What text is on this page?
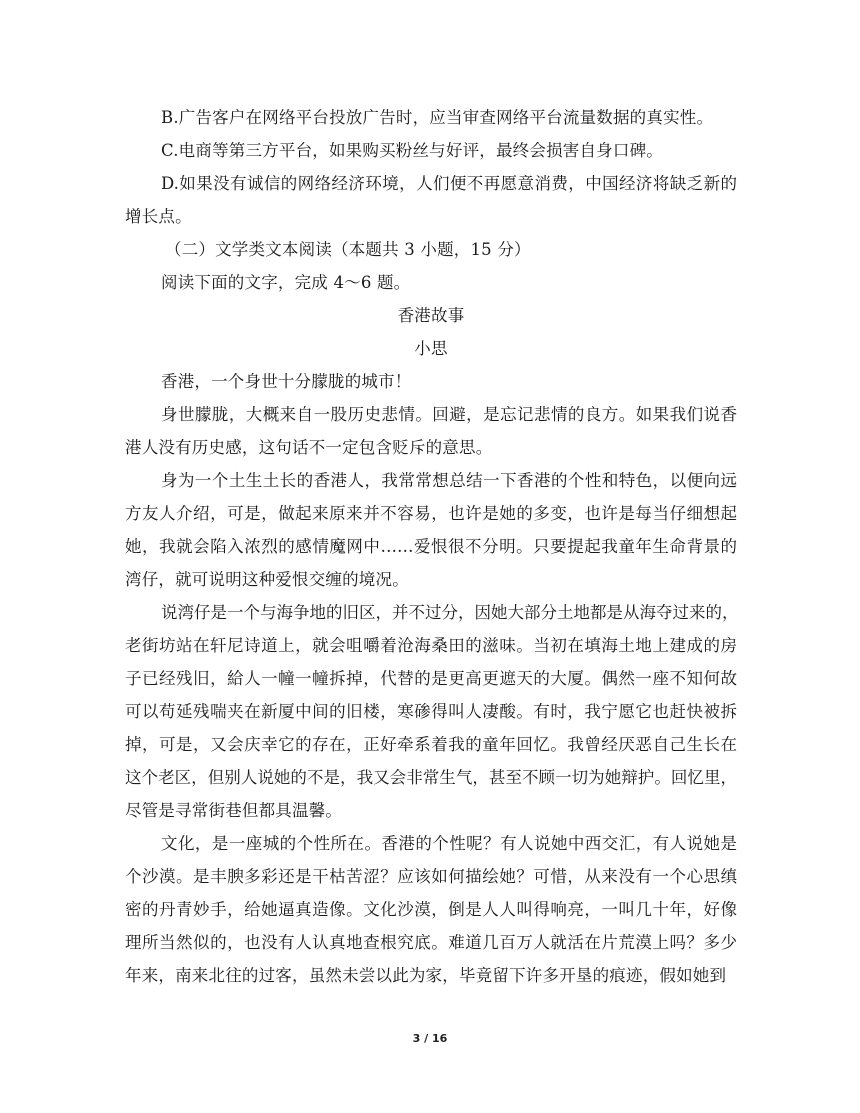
B.广告客户在网络平台投放广告时，应当审查网络平台流量数据的真实性。
C.电商等第三方平台，如果购买粉丝与好评，最终会损害自身口碑。
D.如果没有诚信的网络经济环境，人们便不再愿意消费，中国经济将缺乏新的
增长点。
（二）文学类文本阅读（本题共 3 小题，15 分）
阅读下面的文字，完成 4～6 题。
香港故事
小思
香港，一个身世十分朦胧的城市！
身世朦胧，大概来自一股历史悲情。回避，是忘记悲情的良方。如果我们说香
港人没有历史感，这句话不一定包含贬斥的意思。
身为一个土生土长的香港人，我常常想总结一下香港的个性和特色，以便向远
方友人介绍，可是，做起来原来并不容易，也许是她的多变，也许是每当仔细想起
她，我就会陷入浓烈的感情魔网中……爱恨很不分明。只要提起我童年生命背景的
湾仔，就可说明这种爱恨交缠的境况。
说湾仔是一个与海争地的旧区，并不过分，因她大部分土地都是从海夺过来的，
老街坊站在轩尼诗道上，就会咀嚼着沧海桑田的滋味。当初在填海土地上建成的房
子已经残旧，給人一幢一幢拆掉，代替的是更高更遮天的大厦。偶然一座不知何故
可以苟延残喘夹在新厦中间的旧楼，寒碜得叫人凄酸。有时，我宁愿它也赶快被拆
掉，可是，又会庆幸它的存在，正好牵系着我的童年回忆。我曾经厌恶自己生长在
这个老区，但别人说她的不是，我又会非常生气，甚至不顾一切为她辩护。回忆里，
尽管是寻常街巷但都具温馨。
文化，是一座城的个性所在。香港的个性呢？有人说她中西交汇，有人说她是
个沙漠。是丰腴多彩还是干枯苦涩？应该如何描绘她？可惜，从来没有一个心思缜
密的丹青妙手，给她逼真造像。文化沙漠，倒是人人叫得响亮，一叫几十年，好像
理所当然似的，也没有人认真地查根究底。难道几百万人就活在片荒漠上吗？多少
年来，南来北往的过客，虽然未尝以此为家，毕竟留下许多开垦的痕迹，假如她到
3 / 16
